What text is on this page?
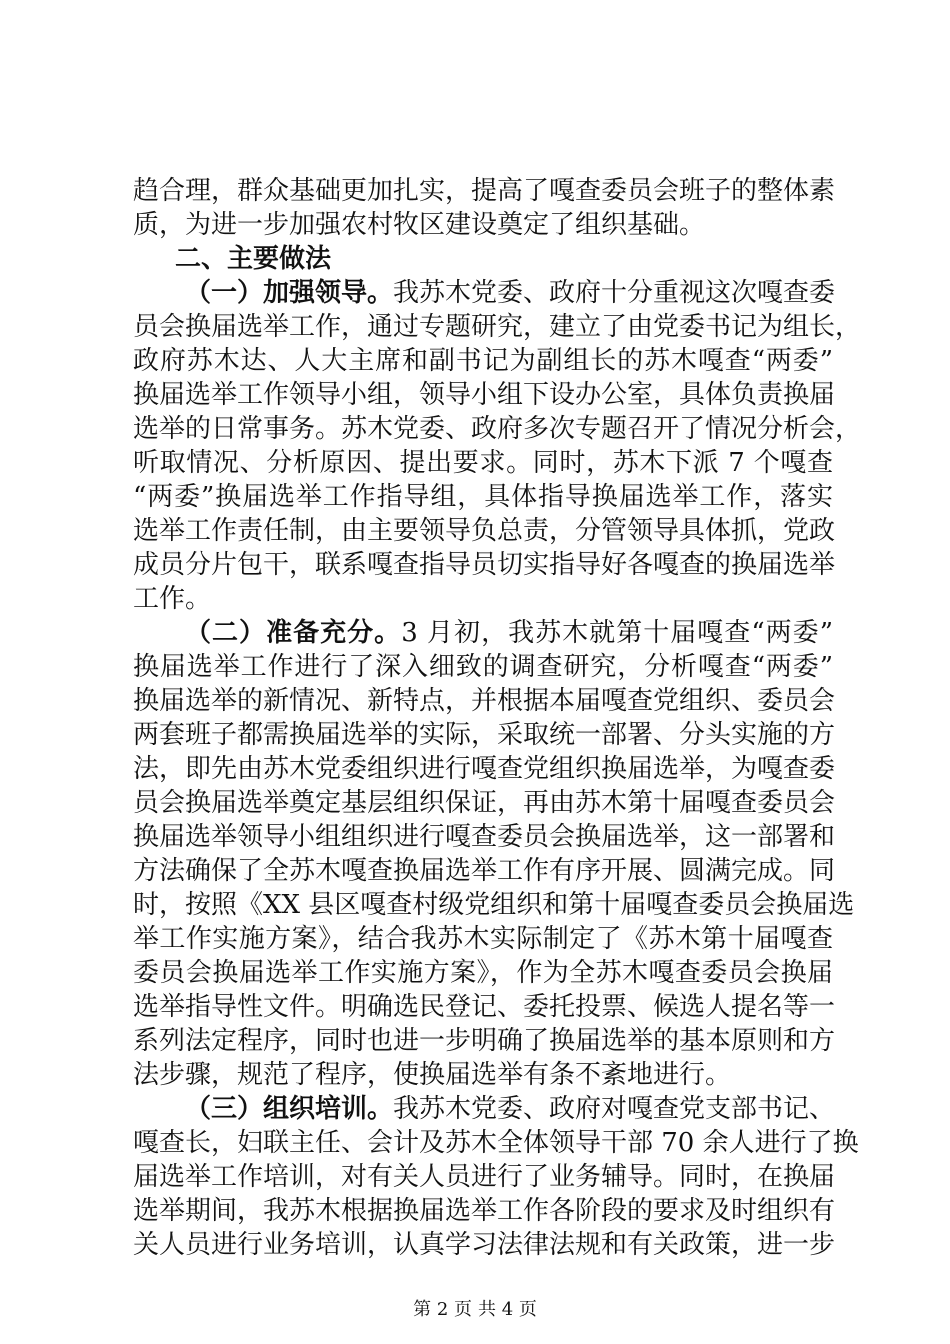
趋合理，群众基础更加扎实，提高了嘎查委员会班子的整体素
质，为进一步加强农村牧区建设奠定了组织基础。
二、主要做法
（一）加强领导。我苏木党委、政府十分重视这次嘎查委
员会换届选举工作，通过专题研究，建立了由党委书记为组长，
政府苏木达、人大主席和副书记为副组长的苏木嘎查“两委”
换届选举工作领导小组，领导小组下设办公室，具体负责换届
选举的日常事务。苏木党委、政府多次专题召开了情况分析会，
听取情况、分析原因、提出要求。同时，苏木下派 7 个嘎查
“两委”换届选举工作指导组，具体指导换届选举工作，落实
选举工作责任制，由主要领导负总责，分管领导具体抓，党政
成员分片包干，联系嘎查指导员切实指导好各嘎查的换届选举
工作。
（二）准备充分。3 月初，我苏木就第十届嘎查“两委”
换届选举工作进行了深入细致的调查研究，分析嘎查“两委”
换届选举的新情况、新特点，并根据本届嘎查党组织、委员会
两套班子都需换届选举的实际，采取统一部署、分头实施的方
法，即先由苏木党委组织进行嘎查党组织换届选举，为嘎查委
员会换届选举奠定基层组织保证，再由苏木第十届嘎查委员会
换届选举领导小组组织进行嘎查委员会换届选举，这一部署和
方法确保了全苏木嘎查换届选举工作有序开展、圆满完成。同
时，按照《XX 县区嘎查村级党组织和第十届嘎查委员会换届选
举工作实施方案》，结合我苏木实际制定了《苏木第十届嘎查
委员会换届选举工作实施方案》，作为全苏木嘎查委员会换届
选举指导性文件。明确选民登记、委托投票、候选人提名等一
系列法定程序，同时也进一步明确了换届选举的基本原则和方
法步骤，规范了程序，使换届选举有条不紊地进行。
（三）组织培训。我苏木党委、政府对嘎查党支部书记、
嘎查长，妇联主任、会计及苏木全体领导干部 70 余人进行了换
届选举工作培训，对有关人员进行了业务辅导。同时，在换届
选举期间，我苏木根据换届选举工作各阶段的要求及时组织有
关人员进行业务培训，认真学习法律法规和有关政策，进一步
第 2 页 共 4 页
